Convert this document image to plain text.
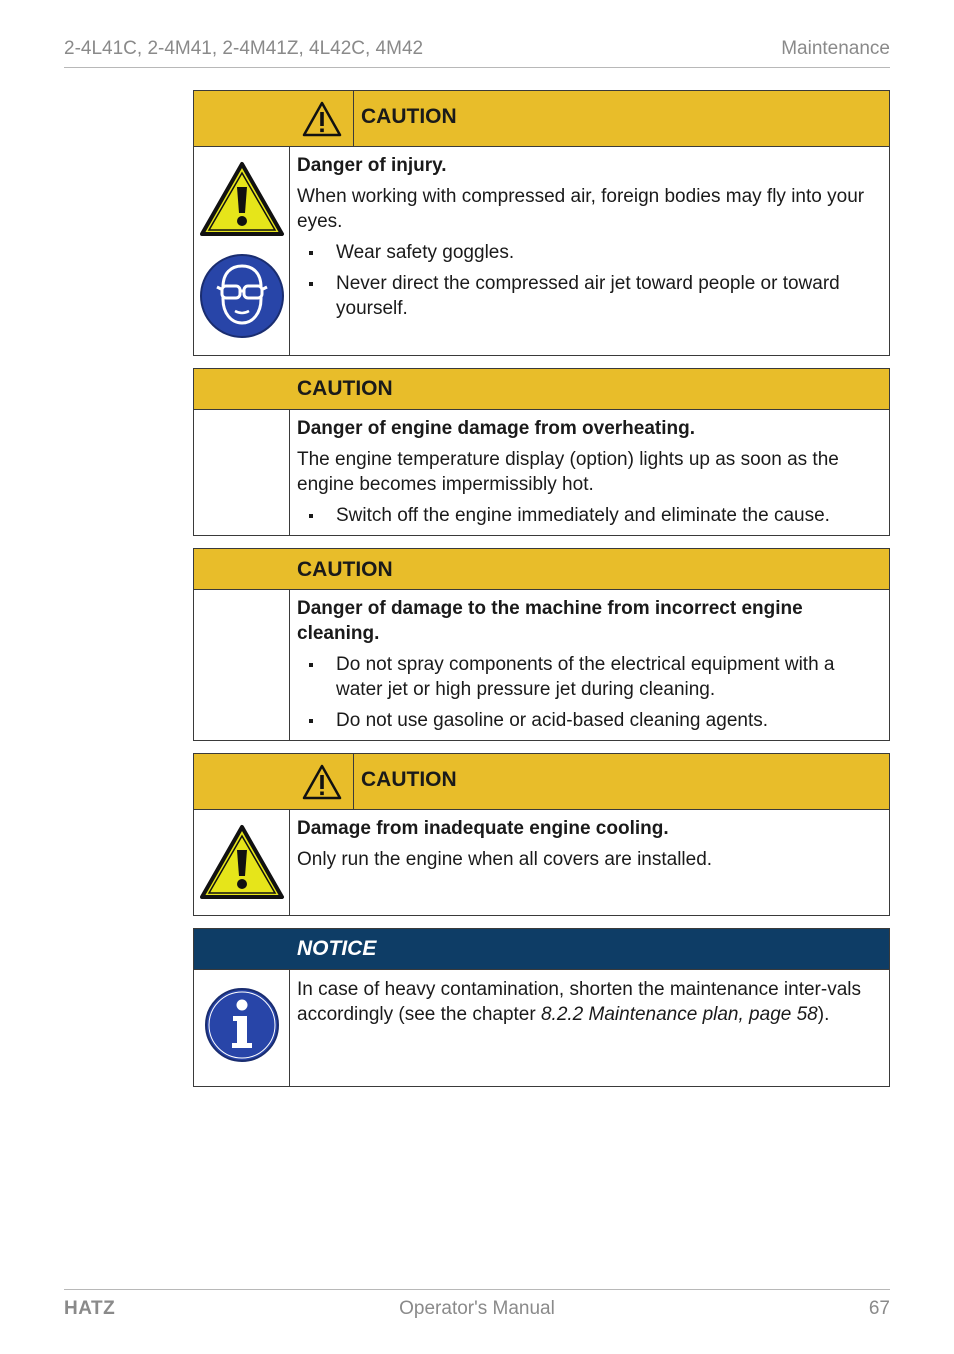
2-4L41C, 2-4M41, 2-4M41Z, 4L42C, 4M42	Maintenance
CAUTION
Danger of injury.

When working with compressed air, foreign bodies may fly into your eyes.

Wear safety goggles.
Never direct the compressed air jet toward people or toward yourself.
CAUTION
Danger of engine damage from overheating.

The engine temperature display (option) lights up as soon as the engine becomes impermissibly hot.

Switch off the engine immediately and eliminate the cause.
CAUTION
Danger of damage to the machine from incorrect engine cleaning.
Do not spray components of the electrical equipment with a water jet or high pressure jet during cleaning.
Do not use gasoline or acid-based cleaning agents.
CAUTION
Damage from inadequate engine cooling.

Only run the engine when all covers are installed.

NOTICE

In case of heavy contamination, shorten the maintenance inter-vals accordingly (see the chapter 8.2.2 Maintenance plan, page 58).

HATZ	Operator's Manual	67
